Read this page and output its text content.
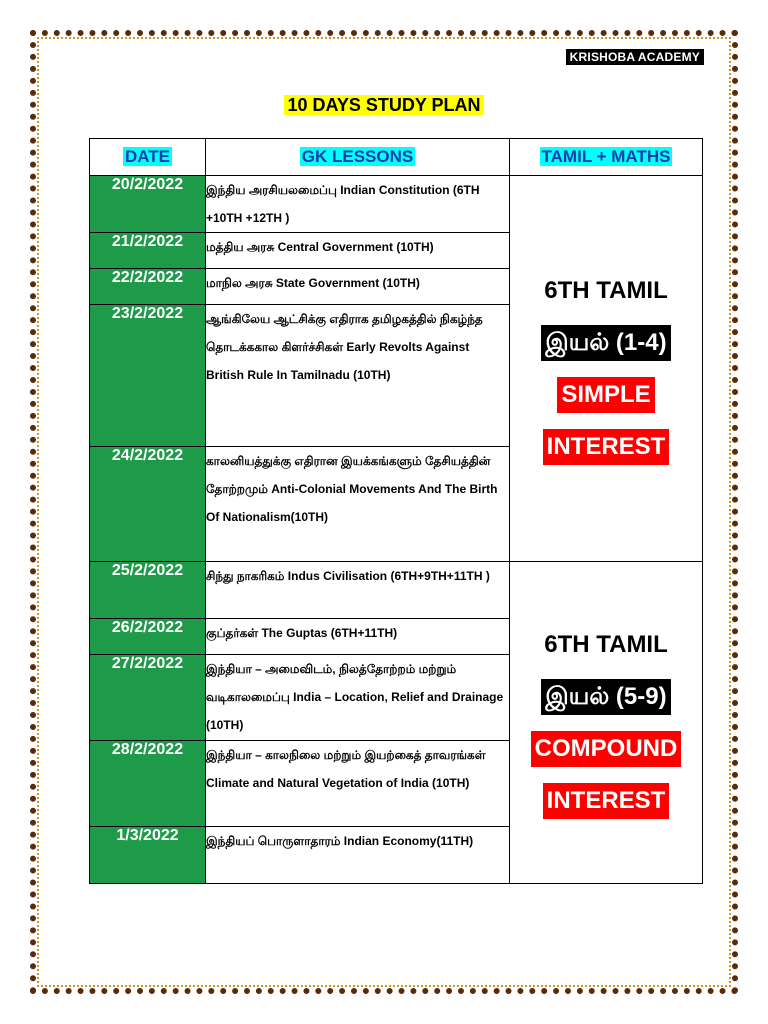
KRISHOBA ACADEMY
10 DAYS STUDY PLAN
DATE	GK LESSONS	TAMIL + MATHS
20/2/2022	இந்திய அரசியலமைப்பு Indian Constitution (6TH +10TH +12TH )	6TH TAMIL
இயல் (1-4)
SIMPLE
INTEREST

21/2/2022	மத்திய அரசு Central Government (10TH)	
22/2/2022	மாநில அரசு State Government (10TH)	
23/2/2022	ஆங்கிலேய ஆட்சிக்கு எதிராக தமிழகத்தில் நிகழ்ந்த தொடக்ககால கிளர்ச்சிகள் Early Revolts Against British Rule In Tamilnadu (10TH)	
24/2/2022	காலனியத்துக்கு எதிரான இயக்கங்களும் தேசியத்தின் தோற்றமும் Anti-Colonial Movements And The Birth Of Nationalism(10TH)	
25/2/2022	சிந்து நாகரிகம் Indus Civilisation (6TH+9TH+11TH )	6TH TAMIL
இயல் (5-9)
COMPOUND
INTEREST

26/2/2022	குப்தர்கள் The Guptas (6TH+11TH)	
27/2/2022	இந்தியா – அமைவிடம், நிலத்தோற்றம் மற்றும் வடிகாலமைப்பு India – Location, Relief and Drainage (10TH)	
28/2/2022	இந்தியா – காலநிலை மற்றும் இயற்கைத் தாவரங்கள் Climate and Natural Vegetation of India (10TH)	
1/3/2022	இந்தியப் பொருளாதாரம் Indian Economy(11TH)	
